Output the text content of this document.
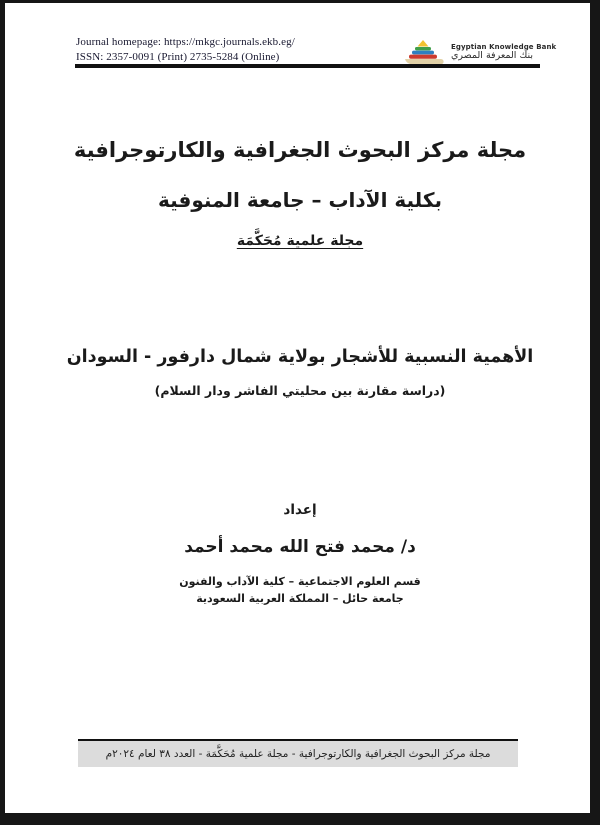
Journal homepage: https://mkgc.journals.ekb.eg/
ISSN: 2357-0091 (Print) 2735-5284 (Online)
Egyptian Knowledge Bank
بنك المعرفة المصري
مجلة مركز البحوث الجغرافية والكارتوجرافية
بكلية الآداب – جامعة المنوفية
مجلة علمية مُحَكَّمَة
الأهمية النسبية للأشجار بولاية شمال دارفور - السودان
(دراسة مقارنة بين محليتي الفاشر ودار السلام)
إعداد
د/ محمد فتح الله محمد أحمد
قسم العلوم الاجتماعية – كلية الآداب والفنون
جامعة حائل – المملكة العربية السعودية
مجلة مركز البحوث الجغرافية والكارتوجرافية - مجلة علمية مُحَكَّمَة - العدد ٣٨ لعام ٢٠٢٤م
